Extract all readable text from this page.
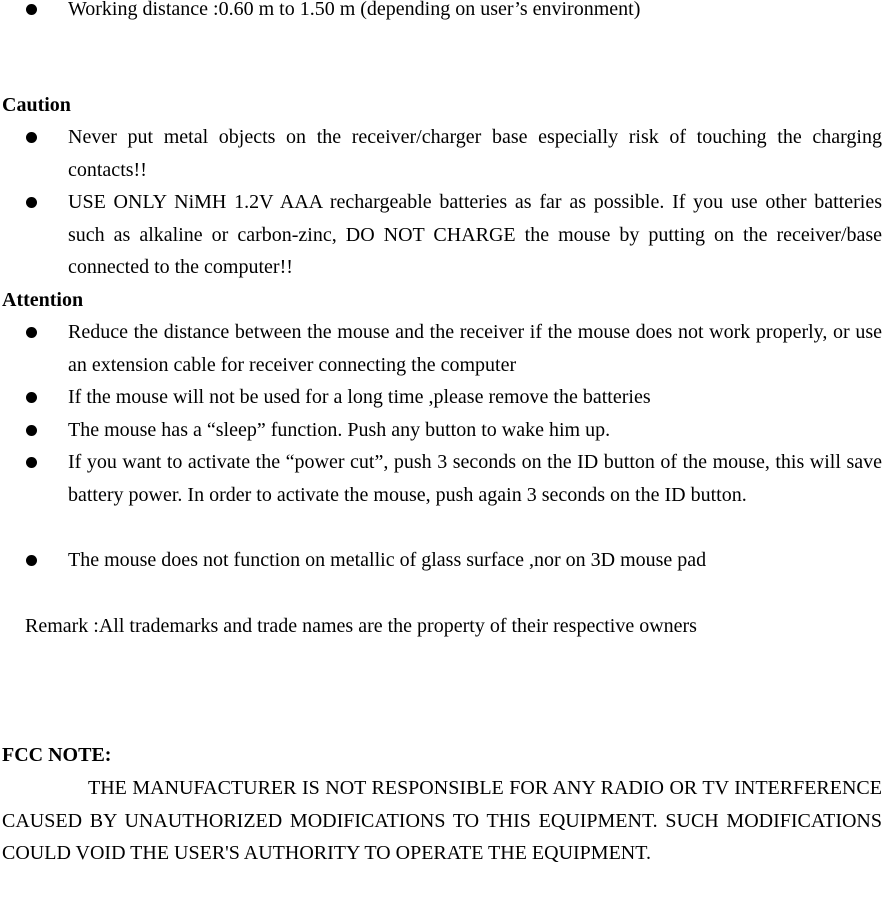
Working distance :0.60 m to 1.50 m (depending on user’s environment)
Caution
Never put metal objects on the receiver/charger base especially risk of touching the charging contacts!!
USE ONLY NiMH 1.2V AAA rechargeable batteries as far as possible. If you use other batteries such as alkaline or carbon-zinc, DO NOT CHARGE the mouse by putting on the receiver/base connected to the computer!!
Attention
Reduce the distance between the mouse and the receiver if the mouse does not work properly, or use an extension cable for receiver connecting the computer
If the mouse will not be used for a long time ,please remove the batteries
The mouse has a “sleep” function. Push any button to wake him up.
If you want to activate the “power cut”, push 3 seconds on the ID button of the mouse, this will save battery power. In order to activate the mouse, push again 3 seconds on the ID button.
The mouse does not function on metallic of glass surface ,nor on 3D mouse pad
Remark :All trademarks and trade names are the property of their respective owners
FCC NOTE:
THE MANUFACTURER IS NOT RESPONSIBLE FOR ANY RADIO OR TV INTERFERENCE CAUSED BY UNAUTHORIZED MODIFICATIONS TO THIS EQUIPMENT. SUCH MODIFICATIONS COULD VOID THE USER'S AUTHORITY TO OPERATE THE EQUIPMENT.
